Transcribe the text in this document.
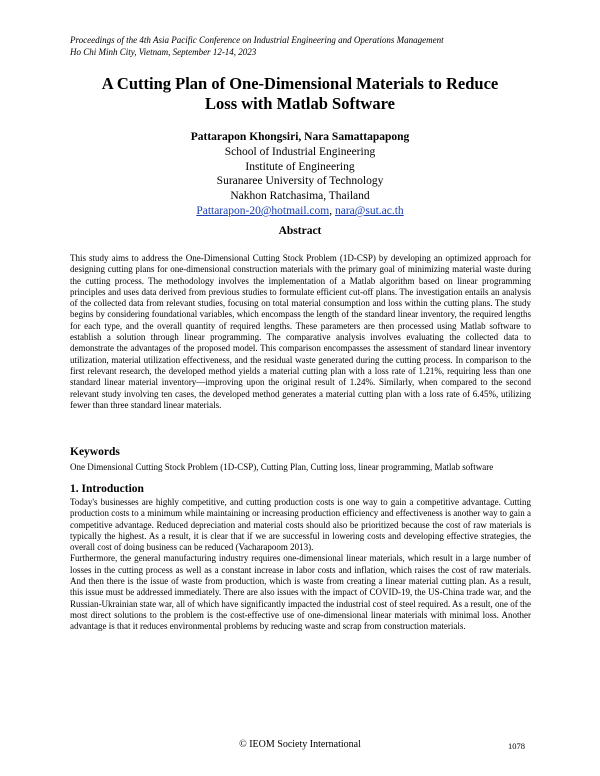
Proceedings of the 4th Asia Pacific Conference on Industrial Engineering and Operations Management
Ho Chi Minh City, Vietnam, September 12-14, 2023
A Cutting Plan of One-Dimensional Materials to Reduce
Loss with Matlab Software
Pattarapon Khongsiri, Nara Samattapapong
School of Industrial Engineering
Institute of Engineering
Suranaree University of Technology
Nakhon Ratchasima, Thailand
Pattarapon-20@hotmail.com, nara@sut.ac.th
Abstract
This study aims to address the One-Dimensional Cutting Stock Problem (1D-CSP) by developing an optimized approach for designing cutting plans for one-dimensional construction materials with the primary goal of minimizing material waste during the cutting process. The methodology involves the implementation of a Matlab algorithm based on linear programming principles and uses data derived from previous studies to formulate efficient cut-off plans. The investigation entails an analysis of the collected data from relevant studies, focusing on total material consumption and loss within the cutting plans. The study begins by considering foundational variables, which encompass the length of the standard linear inventory, the required lengths for each type, and the overall quantity of required lengths. These parameters are then processed using Matlab software to establish a solution through linear programming. The comparative analysis involves evaluating the collected data to demonstrate the advantages of the proposed model. This comparison encompasses the assessment of standard linear inventory utilization, material utilization effectiveness, and the residual waste generated during the cutting process. In comparison to the first relevant research, the developed method yields a material cutting plan with a loss rate of 1.21%, requiring less than one standard linear material inventory—improving upon the original result of 1.24%. Similarly, when compared to the second relevant study involving ten cases, the developed method generates a material cutting plan with a loss rate of 6.45%, utilizing fewer than three standard linear materials.
Keywords
One Dimensional Cutting Stock Problem (1D-CSP), Cutting Plan, Cutting loss, linear programming, Matlab software
1. Introduction

Today's businesses are highly competitive, and cutting production costs is one way to gain a competitive advantage. Cutting production costs to a minimum while maintaining or increasing production efficiency and effectiveness is another way to gain a competitive advantage. Reduced depreciation and material costs should also be prioritized because the cost of raw materials is typically the highest. As a result, it is clear that if we are successful in lowering costs and developing effective strategies, the overall cost of doing business can be reduced (Vacharapoom 2013).

Furthermore, the general manufacturing industry requires one-dimensional linear materials, which result in a large number of losses in the cutting process as well as a constant increase in labor costs and inflation, which raises the cost of raw materials. And then there is the issue of waste from production, which is waste from creating a linear material cutting plan. As a result, this issue must be addressed immediately. There are also issues with the impact of COVID-19, the US-China trade war, and the Russian-Ukrainian state war, all of which have significantly impacted the industrial cost of steel required. As a result, one of the most direct solutions to the problem is the cost-effective use of one-dimensional linear materials with minimal loss. Another advantage is that it reduces environmental problems by reducing waste and scrap from construction materials.

© IEOM Society International	1078
